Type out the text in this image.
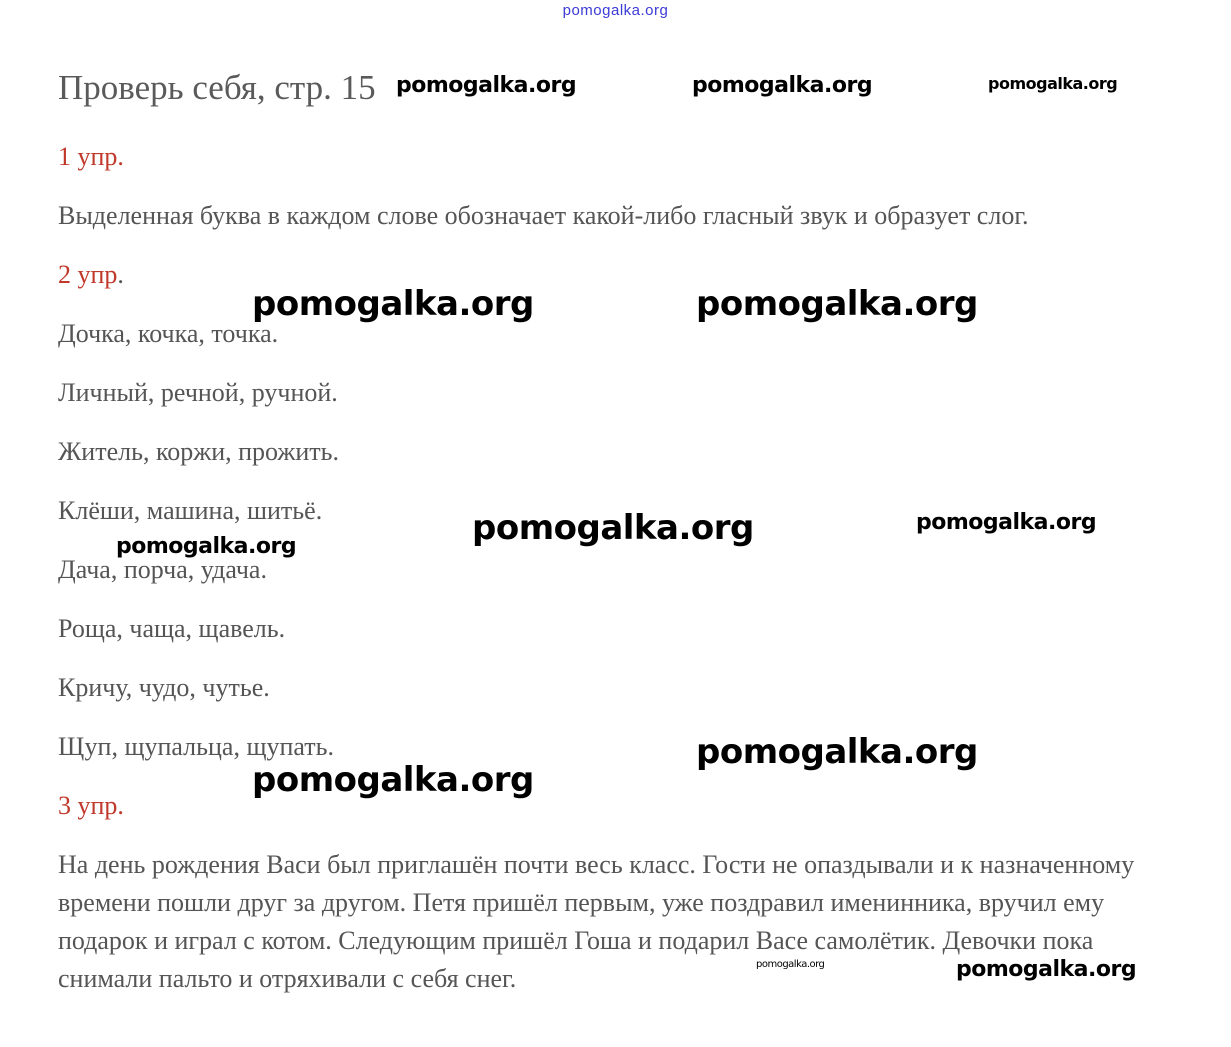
pomogalka.org
Проверь себя, стр. 15
1 упр.
Выделенная буква в каждом слове обозначает какой-либо гласный звук и образует слог.
2 упр.
Дочка, кочка, точка.
Личный, речной, ручной.
Житель, коржи, прожить.
Клёши, машина, шитьё.
Дача, порча, удача.
Роща, чаща, щавель.
Кричу, чудо, чутье.
Щуп, щупальца, щупать.
3 упр.
На день рождения Васи был приглашён почти весь класс. Гости не опаздывали и к назначенному времени пошли друг за другом. Петя пришёл первым, уже поздравил именинника, вручил ему подарок и играл с котом. Следующим пришёл Гоша и подарил Васе самолётик. Девочки пока снимали пальто и отряхивали с себя снег.
pomogalka.org	pomogalka.org	pomogalka.org
pomogalka.org	pomogalka.org
pomogalka.org	pomogalka.org
pomogalka.org
pomogalka.org
pomogalka.org
pomogalka.org	pomogalka.org
